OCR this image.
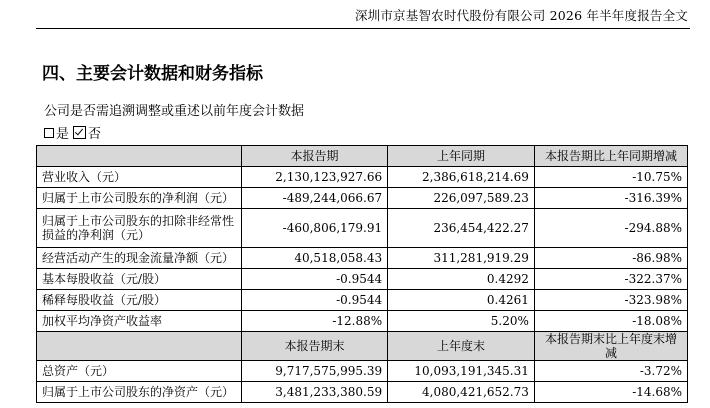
深圳市京基智农时代股份有限公司 2026 年半年度报告全文
四、主要会计数据和财务指标
公司是否需追溯调整或重述以前年度会计数据
是 否
	本报告期	上年同期	本报告期比上年同期增减
营业收入（元）	2,130,123,927.66	2,386,618,214.69	-10.75%
归属于上市公司股东的净利润（元）	-489,244,066.67	226,097,589.23	-316.39%
归属于上市公司股东的扣除非经常性损益的净利润（元）	-460,806,179.91	236,454,422.27	-294.88%
经营活动产生的现金流量净额（元）	40,518,058.43	311,281,919.29	-86.98%
基本每股收益（元/股）	-0.9544	0.4292	-322.37%
稀释每股收益（元/股）	-0.9544	0.4261	-323.98%
加权平均净资产收益率	-12.88%	5.20%	-18.08%
	本报告期末	上年度末	本报告期末比上年度末增减
总资产（元）	9,717,575,995.39	10,093,191,345.31	-3.72%
归属于上市公司股东的净资产（元）	3,481,233,380.59	4,080,421,652.73	-14.68%
